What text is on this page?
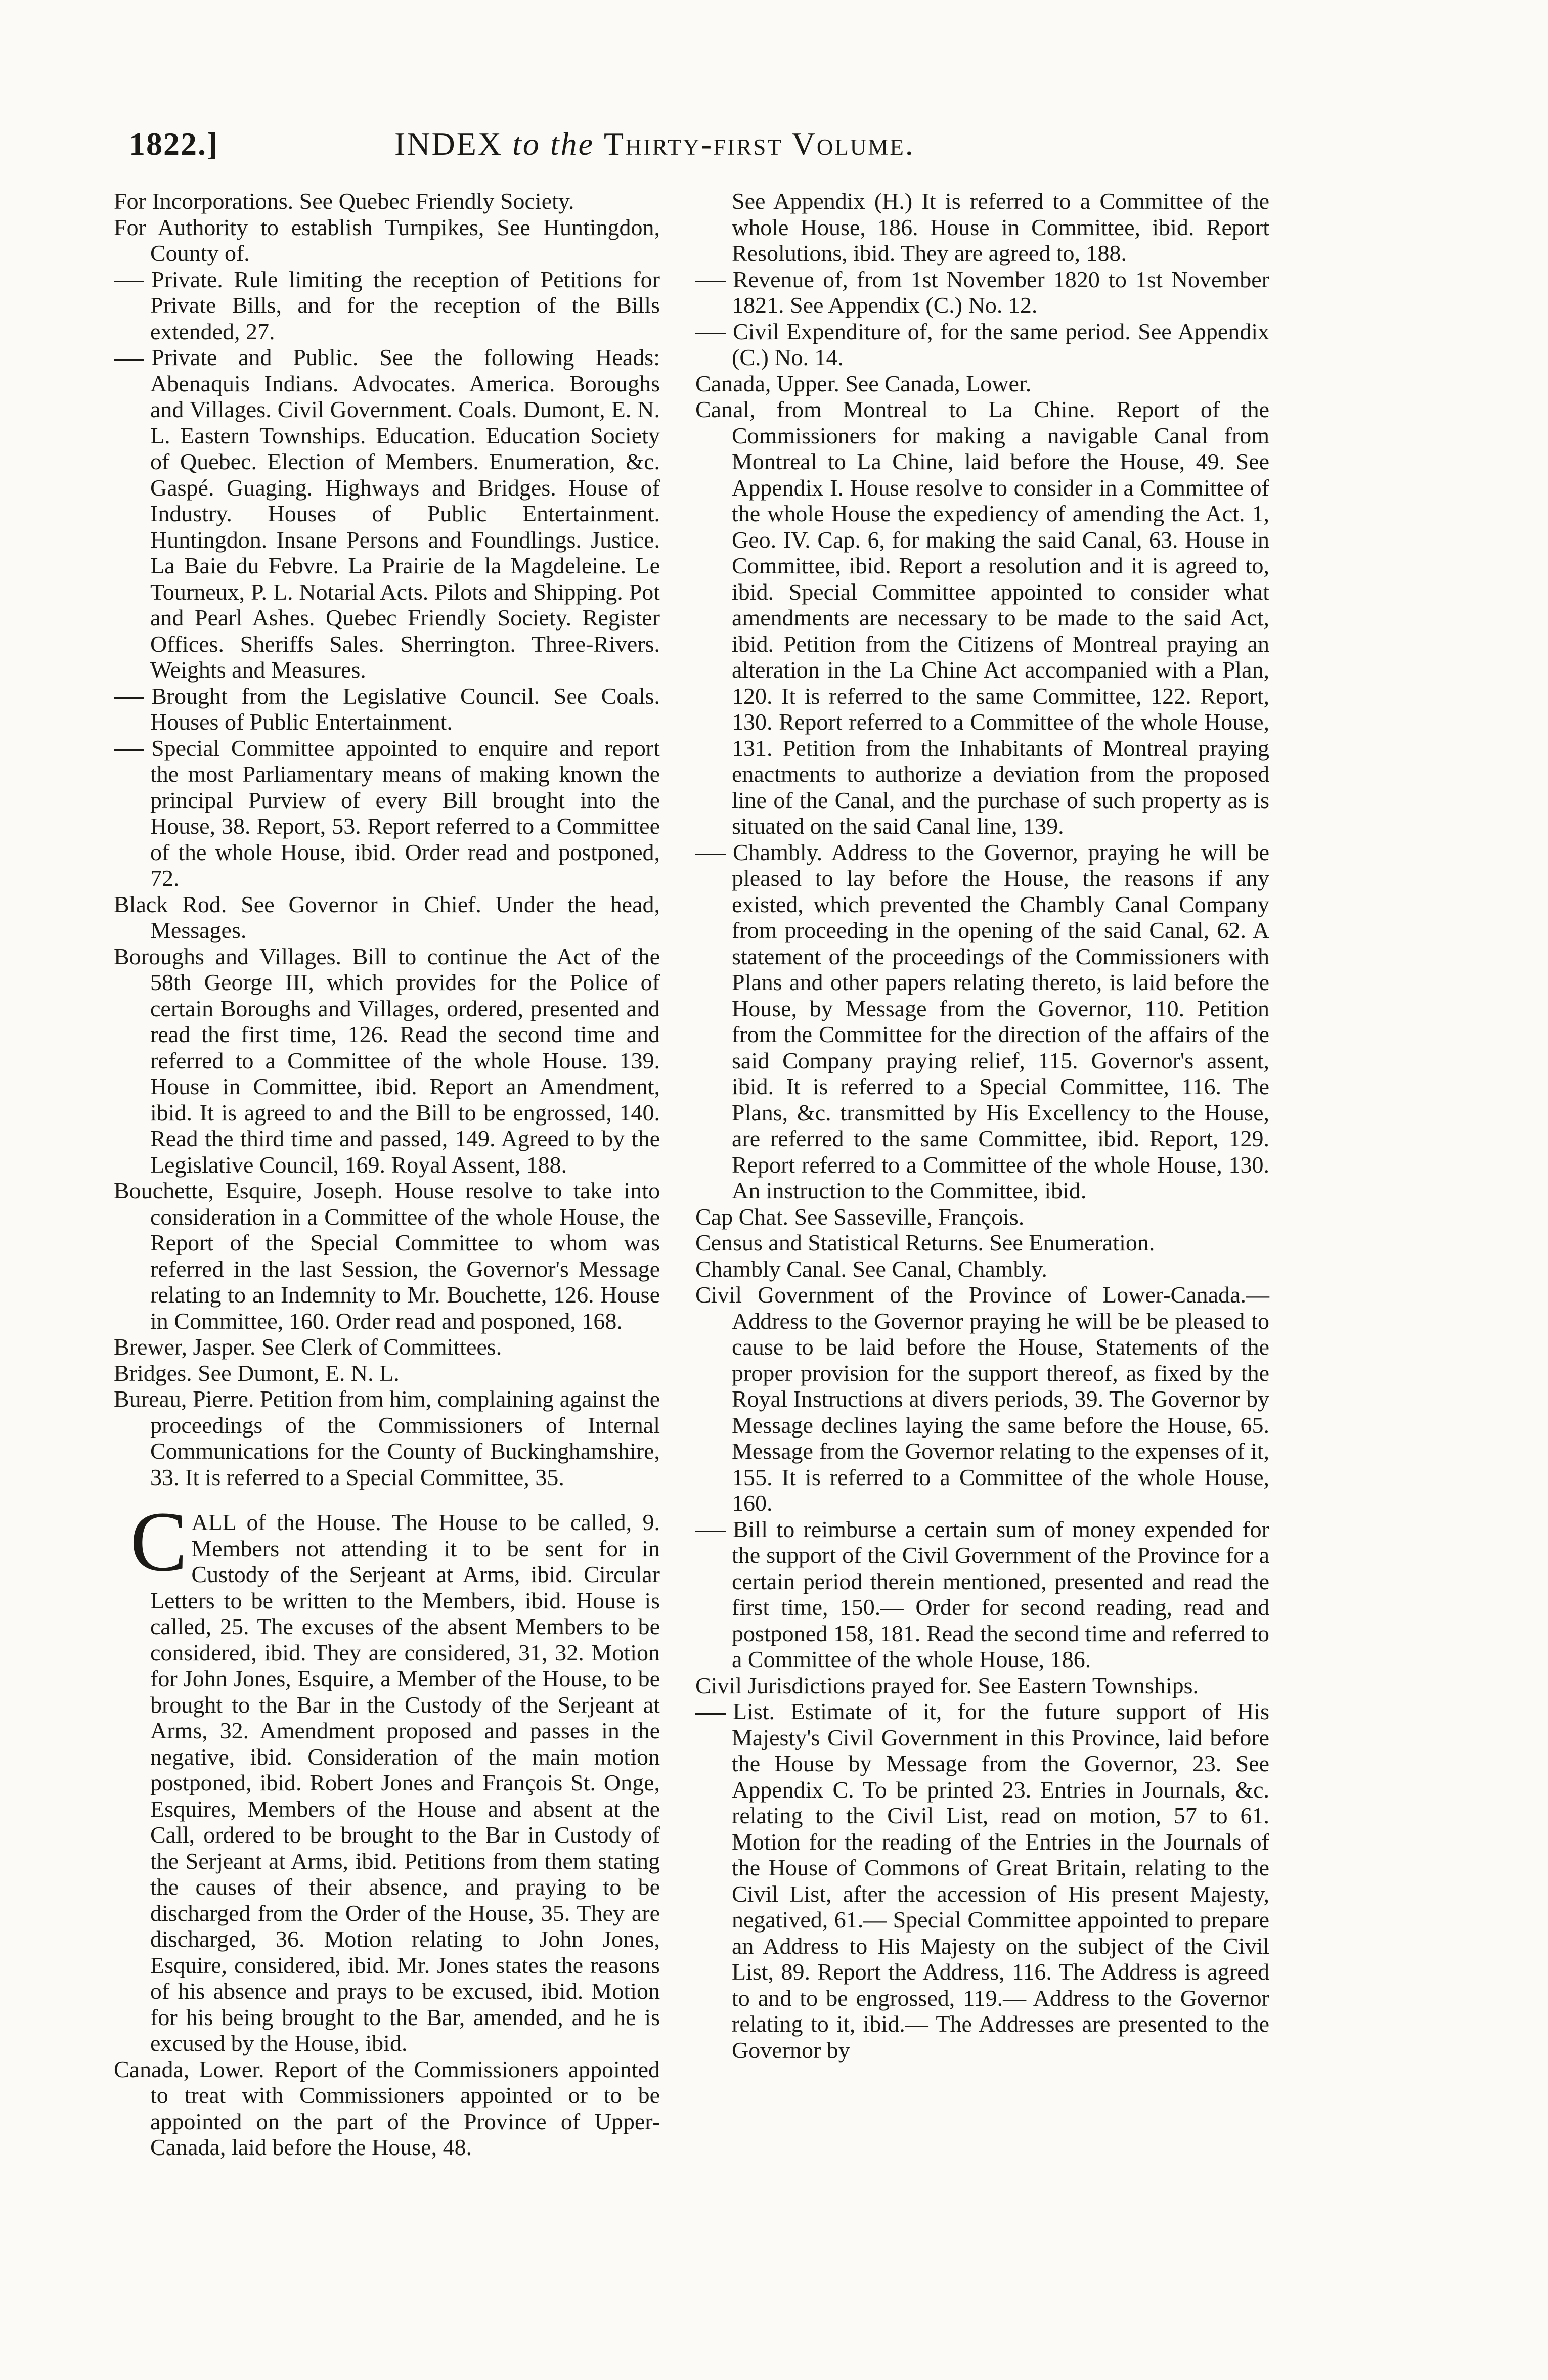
1822.]	INDEX to the Thirty-first Volume.

For Incorporations. See Quebec Friendly Society.

For Authority to establish Turnpikes, See Huntingdon, County of.

Private. Rule limiting the reception of Petitions for Private Bills, and for the reception of the Bills extended, 27.

Private and Public. See the following Heads: Abenaquis Indians. Advocates. America. Boroughs and Villages. Civil Government. Coals. Dumont, E. N. L. Eastern Townships. Education. Education Society of Quebec. Election of Members. Enumeration, &c. Gaspé. Guaging. Highways and Bridges. House of Industry. Houses of Public Entertainment. Huntingdon. Insane Persons and Foundlings. Justice. La Baie du Febvre. La Prairie de la Magdeleine. Le Tourneux, P. L. Notarial Acts. Pilots and Shipping. Pot and Pearl Ashes. Quebec Friendly Society. Register Offices. Sheriffs Sales. Sherrington. Three-Rivers. Weights and Measures.

Brought from the Legislative Council. See Coals. Houses of Public Entertainment.

Special Committee appointed to enquire and report the most Parliamentary means of making known the principal Purview of every Bill brought into the House, 38. Report, 53. Report referred to a Committee of the whole House, ibid. Order read and postponed, 72.

Black Rod. See Governor in Chief. Under the head, Messages.

Boroughs and Villages. Bill to continue the Act of the 58th George III, which provides for the Police of certain Boroughs and Villages, ordered, presented and read the first time, 126. Read the second time and referred to a Committee of the whole House. 139. House in Committee, ibid. Report an Amendment, ibid. It is agreed to and the Bill to be engrossed, 140. Read the third time and passed, 149. Agreed to by the Legislative Council, 169. Royal Assent, 188.

Bouchette, Esquire, Joseph. House resolve to take into consideration in a Committee of the whole House, the Report of the Special Committee to whom was referred in the last Session, the Governor's Message relating to an Indemnity to Mr. Bouchette, 126. House in Committee, 160. Order read and posponed, 168.

Brewer, Jasper. See Clerk of Committees.

Bridges. See Dumont, E. N. L.

Bureau, Pierre. Petition from him, complaining against the proceedings of the Commissioners of Internal Communications for the County of Buckinghamshire, 33. It is referred to a Special Committee, 35.

CALL of the House. The House to be called, 9. Members not attending it to be sent for in Custody of the Serjeant at Arms, ibid. Circular Letters to be written to the Members, ibid. House is called, 25. The excuses of the absent Members to be considered, ibid. They are considered, 31, 32. Motion for John Jones, Esquire, a Member of the House, to be brought to the Bar in the Custody of the Serjeant at Arms, 32. Amendment proposed and passes in the negative, ibid. Consideration of the main motion postponed, ibid. Robert Jones and François St. Onge, Esquires, Members of the House and absent at the Call, ordered to be brought to the Bar in Custody of the Serjeant at Arms, ibid. Petitions from them stating the causes of their absence, and praying to be discharged from the Order of the House, 35. They are discharged, 36. Motion relating to John Jones, Esquire, considered, ibid. Mr. Jones states the reasons of his absence and prays to be excused, ibid. Motion for his being brought to the Bar, amended, and he is excused by the House, ibid.

Canada, Lower. Report of the Commissioners appointed to treat with Commissioners appointed or to be appointed on the part of the Province of Upper-Canada, laid before the House, 48.

See Appendix (H.) It is referred to a Committee of the whole House, 186. House in Committee, ibid. Report Resolutions, ibid. They are agreed to, 188.

Revenue of, from 1st November 1820 to 1st November 1821. See Appendix (C.) No. 12.

Civil Expenditure of, for the same period. See Appendix (C.) No. 14.

Canada, Upper. See Canada, Lower.

Canal, from Montreal to La Chine. Report of the Commissioners for making a navigable Canal from Montreal to La Chine, laid before the House, 49. See Appendix I. House resolve to consider in a Committee of the whole House the expediency of amending the Act. 1, Geo. IV. Cap. 6, for making the said Canal, 63. House in Committee, ibid. Report a resolution and it is agreed to, ibid. Special Committee appointed to consider what amendments are necessary to be made to the said Act, ibid. Petition from the Citizens of Montreal praying an alteration in the La Chine Act accompanied with a Plan, 120. It is referred to the same Committee, 122. Report, 130. Report referred to a Committee of the whole House, 131. Petition from the Inhabitants of Montreal praying enactments to authorize a deviation from the proposed line of the Canal, and the purchase of such property as is situated on the said Canal line, 139.

Chambly. Address to the Governor, praying he will be pleased to lay before the House, the reasons if any existed, which prevented the Chambly Canal Company from proceeding in the opening of the said Canal, 62. A statement of the proceedings of the Commissioners with Plans and other papers relating thereto, is laid before the House, by Message from the Governor, 110. Petition from the Committee for the direction of the affairs of the said Company praying relief, 115. Governor's assent, ibid. It is referred to a Special Committee, 116. The Plans, &c. transmitted by His Excellency to the House, are referred to the same Committee, ibid. Report, 129. Report referred to a Committee of the whole House, 130. An instruction to the Committee, ibid.

Cap Chat. See Sasseville, François.

Census and Statistical Returns. See Enumeration.

Chambly Canal. See Canal, Chambly.

Civil Government of the Province of Lower-Canada.— Address to the Governor praying he will be be pleased to cause to be laid before the House, Statements of the proper provision for the support thereof, as fixed by the Royal Instructions at divers periods, 39. The Governor by Message declines laying the same before the House, 65. Message from the Governor relating to the expenses of it, 155. It is referred to a Committee of the whole House, 160.

Bill to reimburse a certain sum of money expended for the support of the Civil Government of the Province for a certain period therein mentioned, presented and read the first time, 150.— Order for second reading, read and postponed 158, 181. Read the second time and referred to a Committee of the whole House, 186.

Civil Jurisdictions prayed for. See Eastern Townships.

List. Estimate of it, for the future support of His Majesty's Civil Government in this Province, laid before the House by Message from the Governor, 23. See Appendix C. To be printed 23. Entries in Journals, &c. relating to the Civil List, read on motion, 57 to 61. Motion for the reading of the Entries in the Journals of the House of Commons of Great Britain, relating to the Civil List, after the accession of His present Majesty, negatived, 61.— Special Committee appointed to prepare an Address to His Majesty on the subject of the Civil List, 89. Report the Address, 116. The Address is agreed to and to be engrossed, 119.— Address to the Governor relating to it, ibid.— The Addresses are presented to the Governor by
